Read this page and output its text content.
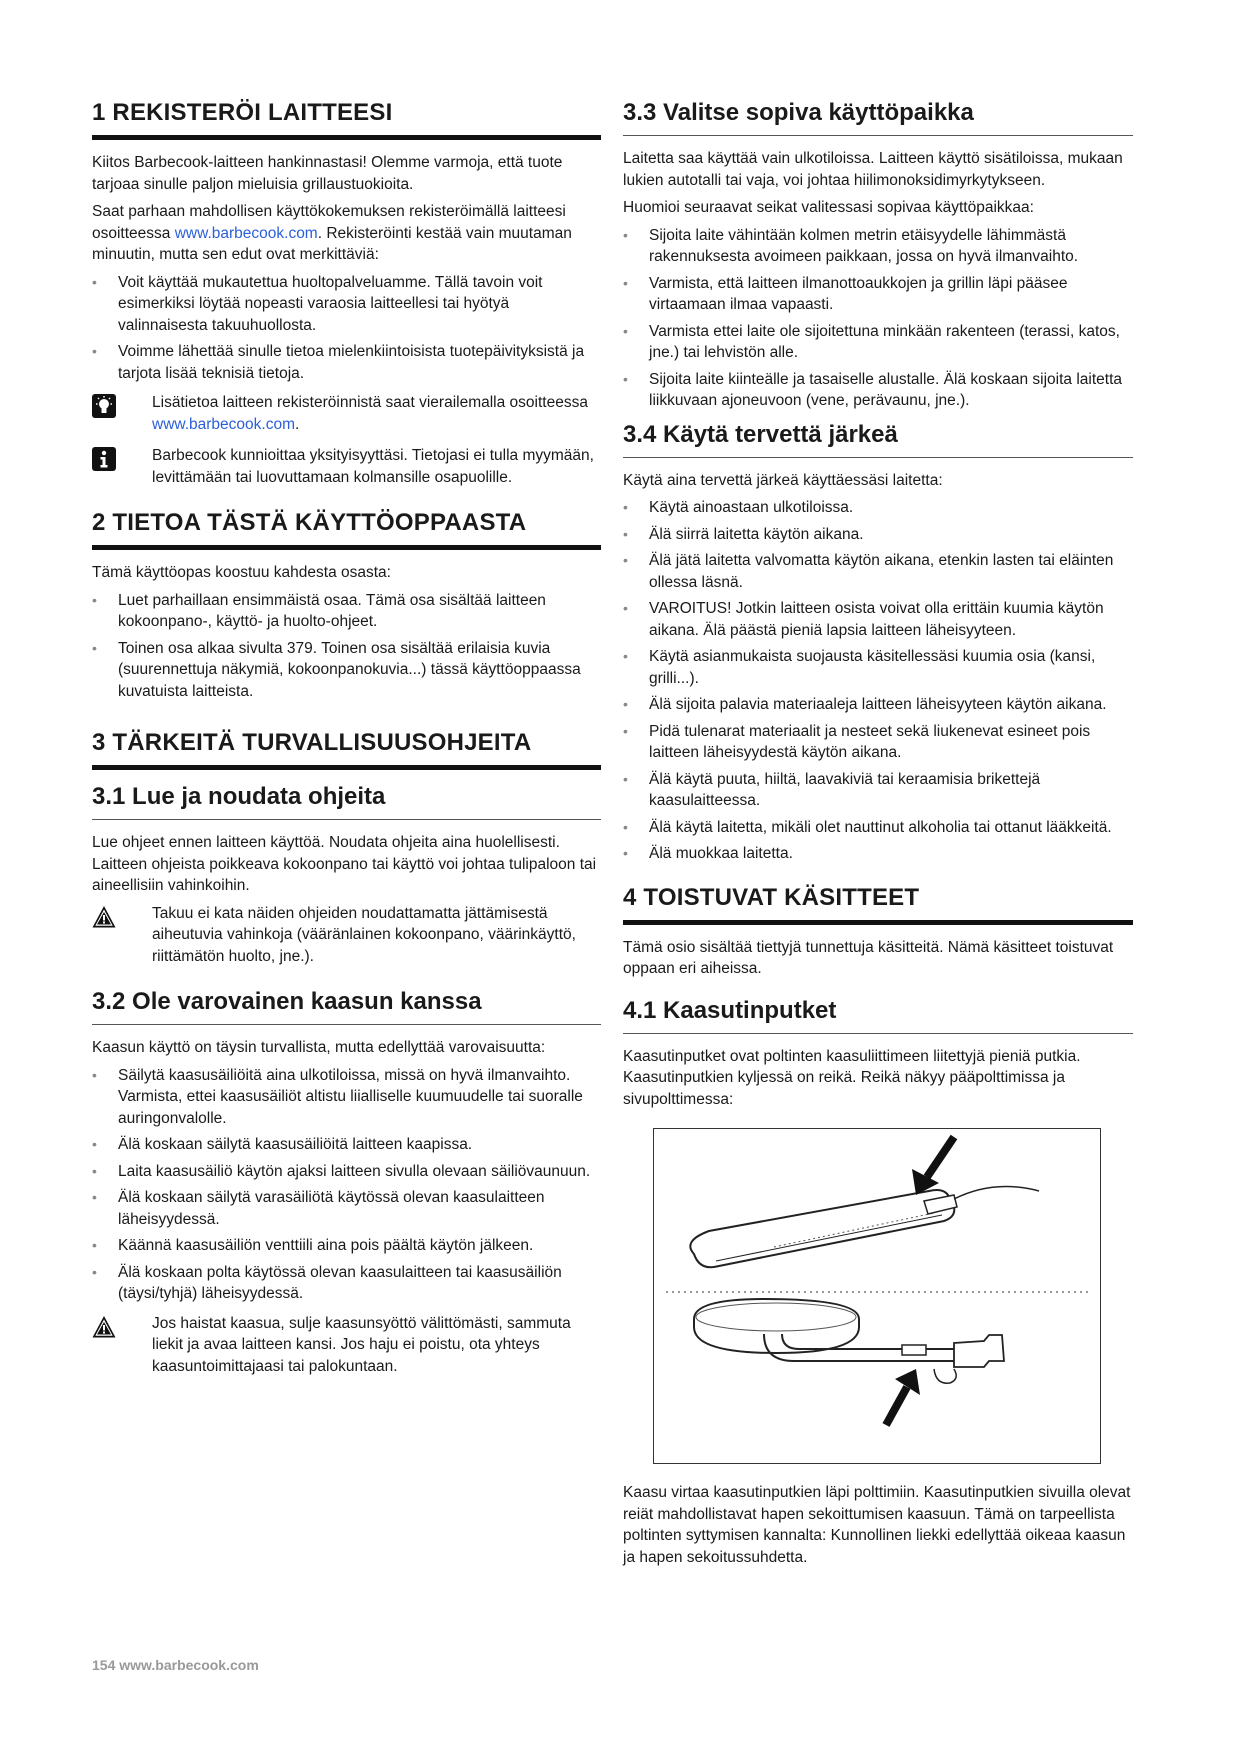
1 REKISTERÖI LAITTEESI

Kiitos Barbecook-laitteen hankinnastasi! Olemme varmoja, että tuote tarjoaa sinulle paljon mieluisia grillaustuokioita.

Saat parhaan mahdollisen käyttökokemuksen rekisteröimällä laitteesi osoitteessa www.barbecook.com. Rekisteröinti kestää vain muutaman minuutin, mutta sen edut ovat merkittäviä:

• Voit käyttää mukautettua huoltopalveluamme. Tällä tavoin voit esimerkiksi löytää nopeasti varaosia laitteellesi tai hyötyä valinnaisesta takuuhuollosta.
• Voimme lähettää sinulle tietoa mielenkiintoisista tuotepäivityksistä ja tarjota lisää teknisiä tietoja.

Lisätietoa laitteen rekisteröinnistä saat vierailemalla osoitteessa www.barbecook.com.

Barbecook kunnioittaa yksityisyyttäsi. Tietojasi ei tulla myymään, levittämään tai luovuttamaan kolmansille osapuolille.

2 TIETOA TÄSTÄ KÄYTTÖOPPAASTA

Tämä käyttöopas koostuu kahdesta osasta:

• Luet parhaillaan ensimmäistä osaa. Tämä osa sisältää laitteen kokoonpano-, käyttö- ja huolto-ohjeet.
• Toinen osa alkaa sivulta 379. Toinen osa sisältää erilaisia kuvia (suurennettuja näkymiä, kokoonpanokuvia...) tässä käyttöoppaassa kuvatuista laitteista.
3 TÄRKEITÄ TURVALLISUUSOHJEITA
3.1 Lue ja noudata ohjeita

Lue ohjeet ennen laitteen käyttöä. Noudata ohjeita aina huolellisesti. Laitteen ohjeista poikkeava kokoonpano tai käyttö voi johtaa tulipaloon tai aineellisiin vahinkoihin.

Takuu ei kata näiden ohjeiden noudattamatta jättämisestä aiheutuvia vahinkoja (vääränlainen kokoonpano, väärinkäyttö, riittämätön huolto, jne.).

3.2 Ole varovainen kaasun kanssa

Kaasun käyttö on täysin turvallista, mutta edellyttää varovaisuutta:

• Säilytä kaasusäiliöitä aina ulkotiloissa, missä on hyvä ilmanvaihto. Varmista, ettei kaasusäiliöt altistu liialliselle kuumuudelle tai suoralle auringonvalolle.
• Älä koskaan säilytä kaasusäiliöitä laitteen kaapissa.
• Laita kaasusäiliö käytön ajaksi laitteen sivulla olevaan säiliövaunuun.
• Älä koskaan säilytä varasäiliötä käytössä olevan kaasulaitteen läheisyydessä.
• Käännä kaasusäiliön venttiili aina pois päältä käytön jälkeen.
• Älä koskaan polta käytössä olevan kaasulaitteen tai kaasusäiliön (täysi/tyhjä) läheisyydessä.

Jos haistat kaasua, sulje kaasunsyöttö välittömästi, sammuta liekit ja avaa laitteen kansi. Jos haju ei poistu, ota yhteys kaasuntoimittajaasi tai palokuntaan.

3.3 Valitse sopiva käyttöpaikka

Laitetta saa käyttää vain ulkotiloissa. Laitteen käyttö sisätiloissa, mukaan lukien autotalli tai vaja, voi johtaa hiilimonoksidimyrkytykseen.

Huomioi seuraavat seikat valitessasi sopivaa käyttöpaikkaa:

• Sijoita laite vähintään kolmen metrin etäisyydelle lähimmästä rakennuksesta avoimeen paikkaan, jossa on hyvä ilmanvaihto.
• Varmista, että laitteen ilmanottoaukkojen ja grillin läpi pääsee virtaamaan ilmaa vapaasti.
• Varmista ettei laite ole sijoitettuna minkään rakenteen (terassi, katos, jne.) tai lehvistön alle.
• Sijoita laite kiinteälle ja tasaiselle alustalle. Älä koskaan sijoita laitetta liikkuvaan ajoneuvoon (vene, perävaunu, jne.).
3.4 Käytä tervettä järkeä

Käytä aina tervettä järkeä käyttäessäsi laitetta:

• Käytä ainoastaan ulkotiloissa.
• Älä siirrä laitetta käytön aikana.
• Älä jätä laitetta valvomatta käytön aikana, etenkin lasten tai eläinten ollessa läsnä.
• VAROITUS! Jotkin laitteen osista voivat olla erittäin kuumia käytön aikana. Älä päästä pieniä lapsia laitteen läheisyyteen.
• Käytä asianmukaista suojausta käsitellessäsi kuumia osia (kansi, grilli...).
• Älä sijoita palavia materiaaleja laitteen läheisyyteen käytön aikana.
• Pidä tulenarat materiaalit ja nesteet sekä liukenevat esineet pois laitteen läheisyydestä käytön aikana.
• Älä käytä puuta, hiiltä, laavakiviä tai keraamisia brikettejä kaasulaitteessa.
• Älä käytä laitetta, mikäli olet nauttinut alkoholia tai ottanut lääkkeitä.
• Älä muokkaa laitetta.
4 TOISTUVAT KÄSITTEET

Tämä osio sisältää tiettyjä tunnettuja käsitteitä. Nämä käsitteet toistuvat oppaan eri aiheissa.

4.1 Kaasutinputket

Kaasutinputket ovat poltinten kaasuliittimeen liitettyjä pieniä putkia. Kaasutinputkien kyljessä on reikä. Reikä näkyy pääpolttimissa ja sivupolttimessa:

Kaasu virtaa kaasutinputkien läpi polttimiin. Kaasutinputkien sivuilla olevat reiät mahdollistavat hapen sekoittumisen kaasuun. Tämä on tarpeellista poltinten syttymisen kannalta: Kunnollinen liekki edellyttää oikeaa kaasun ja hapen sekoitussuhdetta.

154 www.barbecook.com
